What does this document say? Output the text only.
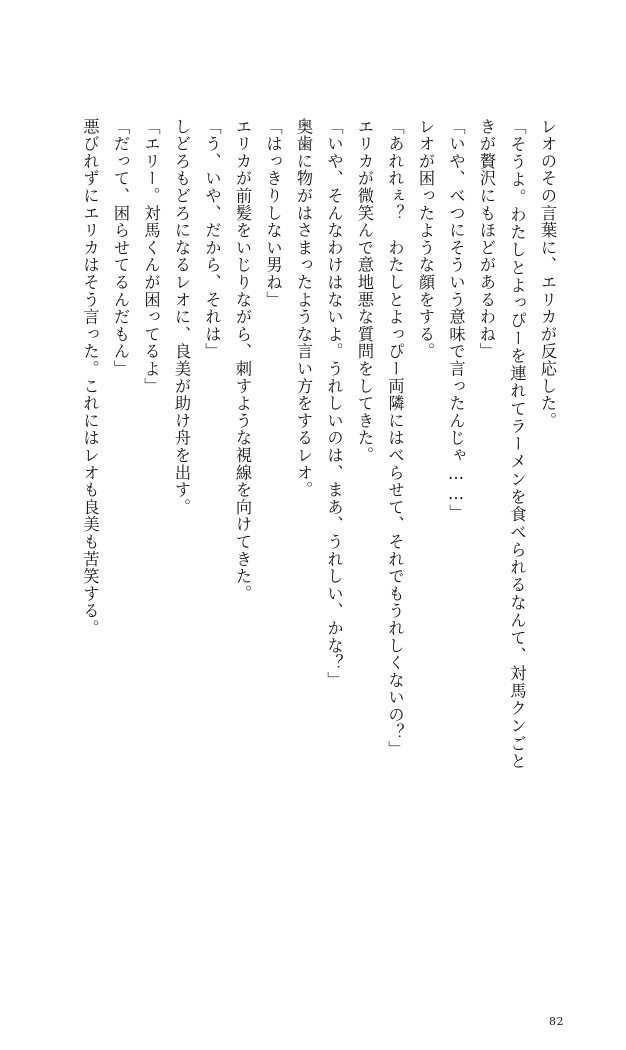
レオのその言葉に、エリカが反応した。

「そうよ。わたしとよっぴーを連れてラーメンを食べられるなんて、対馬クンごときが贅沢にもほどがあるわね」

「いや、べつにそういう意味で言ったんじゃ……」

レオが困ったような顔をする。

「あれれぇ？　わたしとよっぴー両隣にはべらせて、それでもうれしくないの？」

エリカが微笑んで意地悪な質問をしてきた。

「いや、そんなわけはないよ。うれしいのは、まあ、うれしい、かな？」

奥歯に物がはさまったような言い方をするレオ。

「はっきりしない男ね」

エリカが前髪をいじりながら、刺すような視線を向けてきた。

「う、いや、だから、それは」

しどろもどろになるレオに、良美が助け舟を出す。

「エリー。対馬くんが困ってるよ」

「だって、困らせてるんだもん」

悪びれずにエリカはそう言った。これにはレオも良美も苦笑する。

82
